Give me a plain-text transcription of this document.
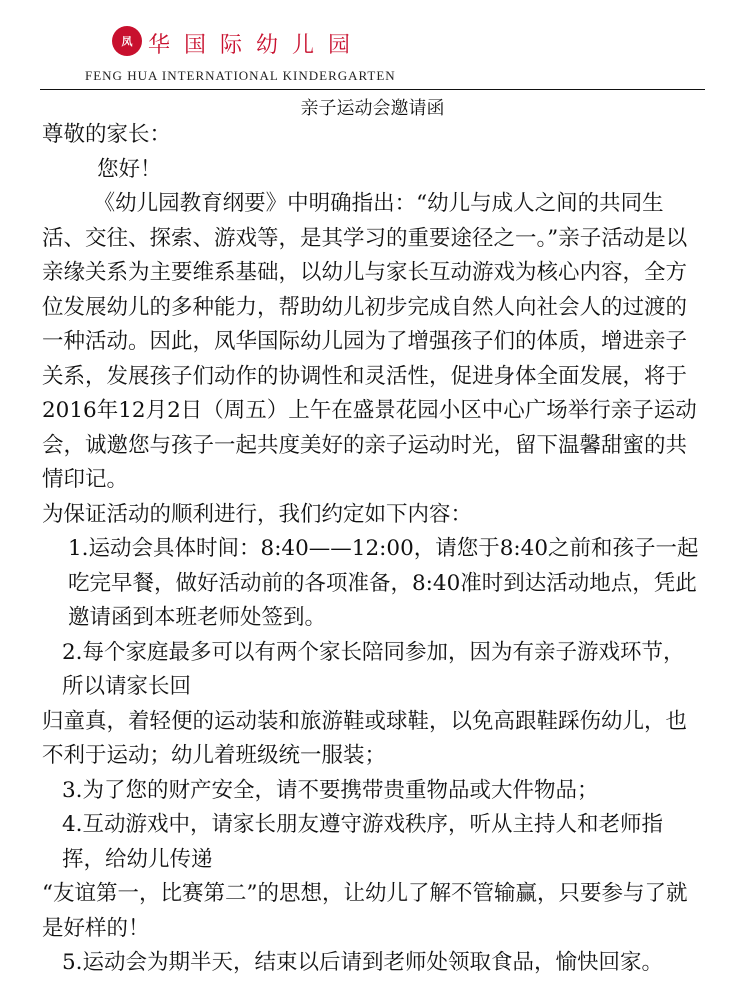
凤 华国际幼儿园
FENG HUA INTERNATIONAL KINDERGARTEN
亲子运动会邀请函

尊敬的家长：

您好！

《幼儿园教育纲要》中明确指出：“幼儿与成人之间的共同生活、交往、探索、游戏等，是其学习的重要途径之一。”亲子活动是以亲缘关系为主要维系基础，以幼儿与家长互动游戏为核心内容，全方位发展幼儿的多种能力，帮助幼儿初步完成自然人向社会人的过渡的一种活动。因此，凤华国际幼儿园为了增强孩子们的体质，增进亲子关系，发展孩子们动作的协调性和灵活性，促进身体全面发展，将于2016年12月2日（周五）上午在盛景花园小区中心广场举行亲子运动会，诚邀您与孩子一起共度美好的亲子运动时光，留下温馨甜蜜的共情印记。

为保证活动的顺利进行，我们约定如下内容：

1.运动会具体时间：8:40——12:00，请您于8:40之前和孩子一起吃完早餐，做好活动前的各项准备，8:40准时到达活动地点，凭此邀请函到本班老师处签到。

2.每个家庭最多可以有两个家长陪同参加，因为有亲子游戏环节，所以请家长回

归童真，着轻便的运动装和旅游鞋或球鞋，以免高跟鞋踩伤幼儿，也不利于运动；幼儿着班级统一服装；

3.为了您的财产安全，请不要携带贵重物品或大件物品；

4.互动游戏中，请家长朋友遵守游戏秩序，听从主持人和老师指挥，给幼儿传递

“友谊第一，比赛第二”的思想，让幼儿了解不管输赢，只要参与了就是好样的！

5.运动会为期半天，结束以后请到老师处领取食品，愉快回家。
